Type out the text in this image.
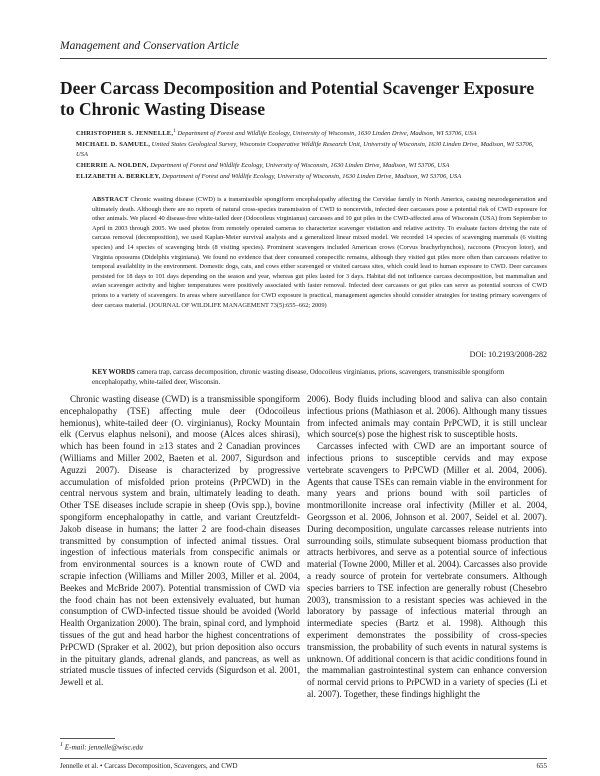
Management and Conservation Article
Deer Carcass Decomposition and Potential Scavenger Exposure to Chronic Wasting Disease
CHRISTOPHER S. JENNELLE,$^1$ Department of Forest and Wildlife Ecology, University of Wisconsin, 1630 Linden Drive, Madison, WI 53706, USA
MICHAEL D. SAMUEL, United States Geological Survey, Wisconsin Cooperative Wildlife Research Unit, University of Wisconsin, 1630 Linden Drive, Madison, WI 53706, USA
CHERRIE A. NOLDEN, Department of Forest and Wildlife Ecology, University of Wisconsin, 1630 Linden Drive, Madison, WI 53706, USA
ELIZABETH A. BERKLEY, Department of Forest and Wildlife Ecology, University of Wisconsin, 1630 Linden Drive, Madison, WI 53706, USA
ABSTRACT Chronic wasting disease (CWD) is a transmissible spongiform encephalopathy affecting the Cervidae family in North America, causing neurodegeneration and ultimately death. Although there are no reports of natural cross-species transmission of CWD to noncervids, infected deer carcasses pose a potential risk of CWD exposure for other animals. We placed 40 disease-free white-tailed deer (Odocoileus virginianus) carcasses and 10 gut piles in the CWD-affected area of Wisconsin (USA) from September to April in 2003 through 2005. We used photos from remotely operated cameras to characterize scavenger visitation and relative activity. To evaluate factors driving the rate of carcass removal (decomposition), we used Kaplan-Meier survival analysis and a generalized linear mixed model. We recorded 14 species of scavenging mammals (6 visiting species) and 14 species of scavenging birds (8 visiting species). Prominent scavengers included American crows (Corvus brachyrhynchos), raccoons (Procyon lotor), and Virginia opossums (Didelphis virginiana). We found no evidence that deer consumed conspecific remains, although they visited gut piles more often than carcasses relative to temporal availability in the environment. Domestic dogs, cats, and cows either scavenged or visited carcass sites, which could lead to human exposure to CWD. Deer carcasses persisted for 18 days to 101 days depending on the season and year, whereas gut piles lasted for 3 days. Habitat did not influence carcass decomposition, but mammalian and avian scavenger activity and higher temperatures were positively associated with faster removal. Infected deer carcasses or gut piles can serve as potential sources of CWD prions to a variety of scavengers. In areas where surveillance for CWD exposure is practical, management agencies should consider strategies for testing primary scavengers of deer carcass material. (JOURNAL OF WILDLIFE MANAGEMENT 73(5):655–662; 2009)
DOI: 10.2193/2008-282
KEY WORDS camera trap, carcass decomposition, chronic wasting disease, Odocoileus virginianus, prions, scavengers, transmissible spongiform encephalopathy, white-tailed deer, Wisconsin.

Chronic wasting disease (CWD) is a transmissible spongiform encephalopathy (TSE) affecting mule deer (Odocoileus hemionus), white-tailed deer (O. virginianus), Rocky Mountain elk (Cervus elaphus nelsoni), and moose (Alces alces shirasi), which has been found in ≥13 states and 2 Canadian provinces (Williams and Miller 2002, Baeten et al. 2007, Sigurdson and Aguzzi 2007). Disease is characterized by progressive accumulation of misfolded prion proteins (PrPCWD) in the central nervous system and brain, ultimately leading to death. Other TSE diseases include scrapie in sheep (Ovis spp.), bovine spongiform encephalopathy in cattle, and variant Creutzfeldt-Jakob disease in humans; the latter 2 are food-chain diseases transmitted by consumption of infected animal tissues. Oral ingestion of infectious materials from conspecific animals or from environmental sources is a known route of CWD and scrapie infection (Williams and Miller 2003, Miller et al. 2004, Beekes and McBride 2007). Potential transmission of CWD via the food chain has not been extensively evaluated, but human consumption of CWD-infected tissue should be avoided (World Health Organization 2000). The brain, spinal cord, and lymphoid tissues of the gut and head harbor the highest concentrations of PrPCWD (Spraker et al. 2002), but prion deposition also occurs in the pituitary glands, adrenal glands, and pancreas, as well as striated muscle tissues of infected cervids (Sigurdson et al. 2001, Jewell et al.

2006). Body fluids including blood and saliva can also contain infectious prions (Mathiason et al. 2006). Although many tissues from infected animals may contain PrPCWD, it is still unclear which source(s) pose the highest risk to susceptible hosts.

Carcasses infected with CWD are an important source of infectious prions to susceptible cervids and may expose vertebrate scavengers to PrPCWD (Miller et al. 2004, 2006). Agents that cause TSEs can remain viable in the environment for many years and prions bound with soil particles of montmorillonite increase oral infectivity (Miller et al. 2004, Georgsson et al. 2006, Johnson et al. 2007, Seidel et al. 2007). During decomposition, ungulate carcasses release nutrients into surrounding soils, stimulate subsequent biomass production that attracts herbivores, and serve as a potential source of infectious material (Towne 2000, Miller et al. 2004). Carcasses also provide a ready source of protein for vertebrate consumers. Although species barriers to TSE infection are generally robust (Chesebro 2003), transmission to a resistant species was achieved in the laboratory by passage of infectious material through an intermediate species (Bartz et al. 1998). Although this experiment demonstrates the possibility of cross-species transmission, the probability of such events in natural systems is unknown. Of additional concern is that acidic conditions found in the mammalian gastrointestinal system can enhance conversion of normal cervid prions to PrPCWD in a variety of species (Li et al. 2007). Together, these findings highlight the

$^1$ E-mail: jennelle@wisc.edu
Jennelle et al. • Carcass Decomposition, Scavengers, and CWD	655
